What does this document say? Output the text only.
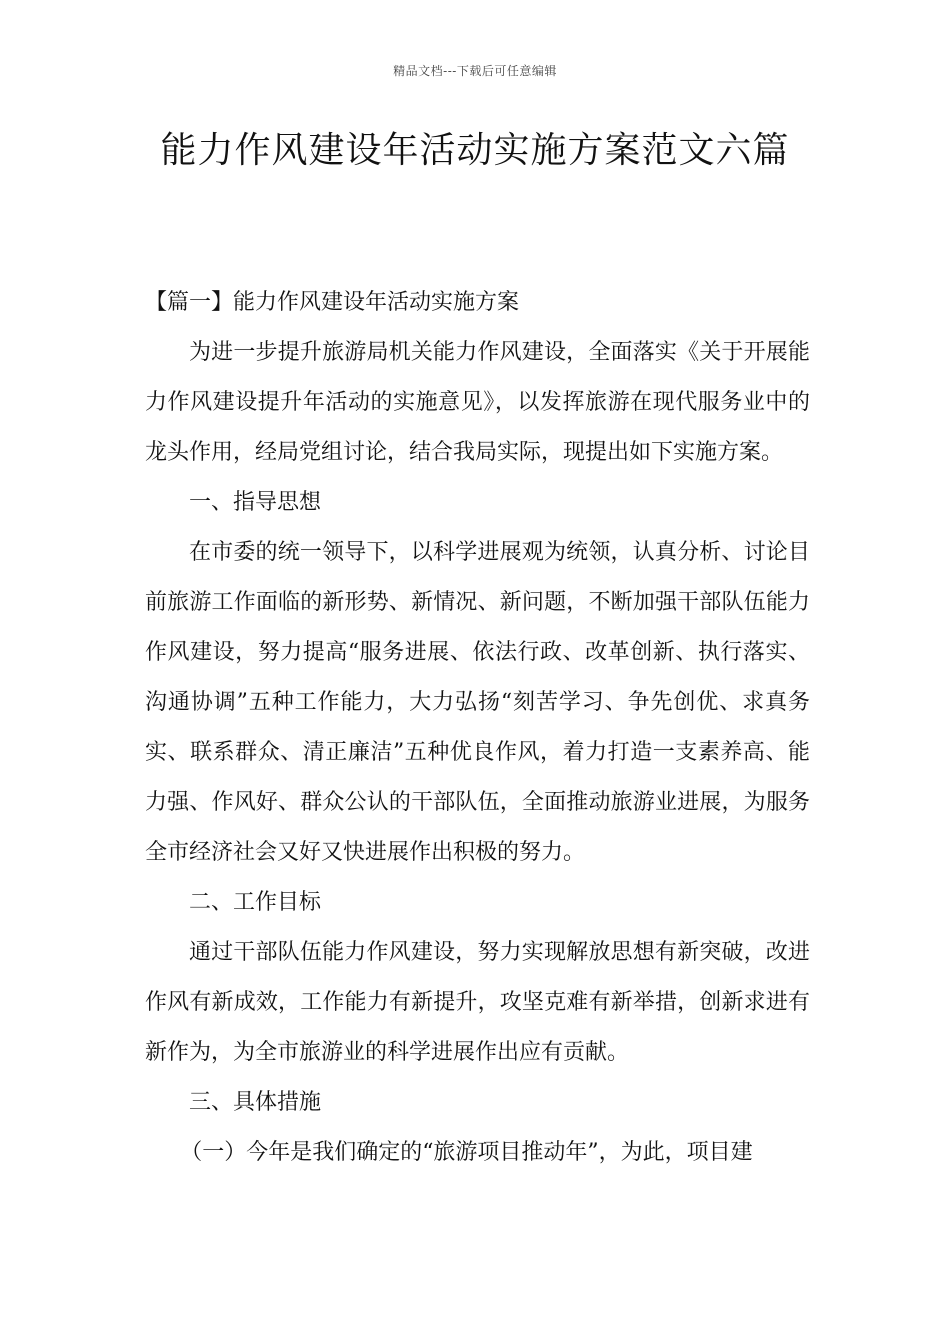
精品文档---下载后可任意编辑
能力作风建设年活动实施方案范文六篇

【篇一】能力作风建设年活动实施方案

为进一步提升旅游局机关能力作风建设，全面落实《关于开展能力作风建设提升年活动的实施意见》，以发挥旅游在现代服务业中的龙头作用，经局党组讨论，结合我局实际，现提出如下实施方案。

一、指导思想

在市委的统一领导下，以科学进展观为统领，认真分析、讨论目前旅游工作面临的新形势、新情况、新问题，不断加强干部队伍能力作风建设，努力提高“服务进展、依法行政、改革创新、执行落实、沟通协调”五种工作能力，大力弘扬“刻苦学习、争先创优、求真务实、联系群众、清正廉洁”五种优良作风，着力打造一支素养高、能力强、作风好、群众公认的干部队伍，全面推动旅游业进展，为服务全市经济社会又好又快进展作出积极的努力。

二、工作目标

通过干部队伍能力作风建设，努力实现解放思想有新突破，改进作风有新成效，工作能力有新提升，攻坚克难有新举措，创新求进有新作为，为全市旅游业的科学进展作出应有贡献。

三、具体措施

（一）今年是我们确定的“旅游项目推动年”，为此，项目建
